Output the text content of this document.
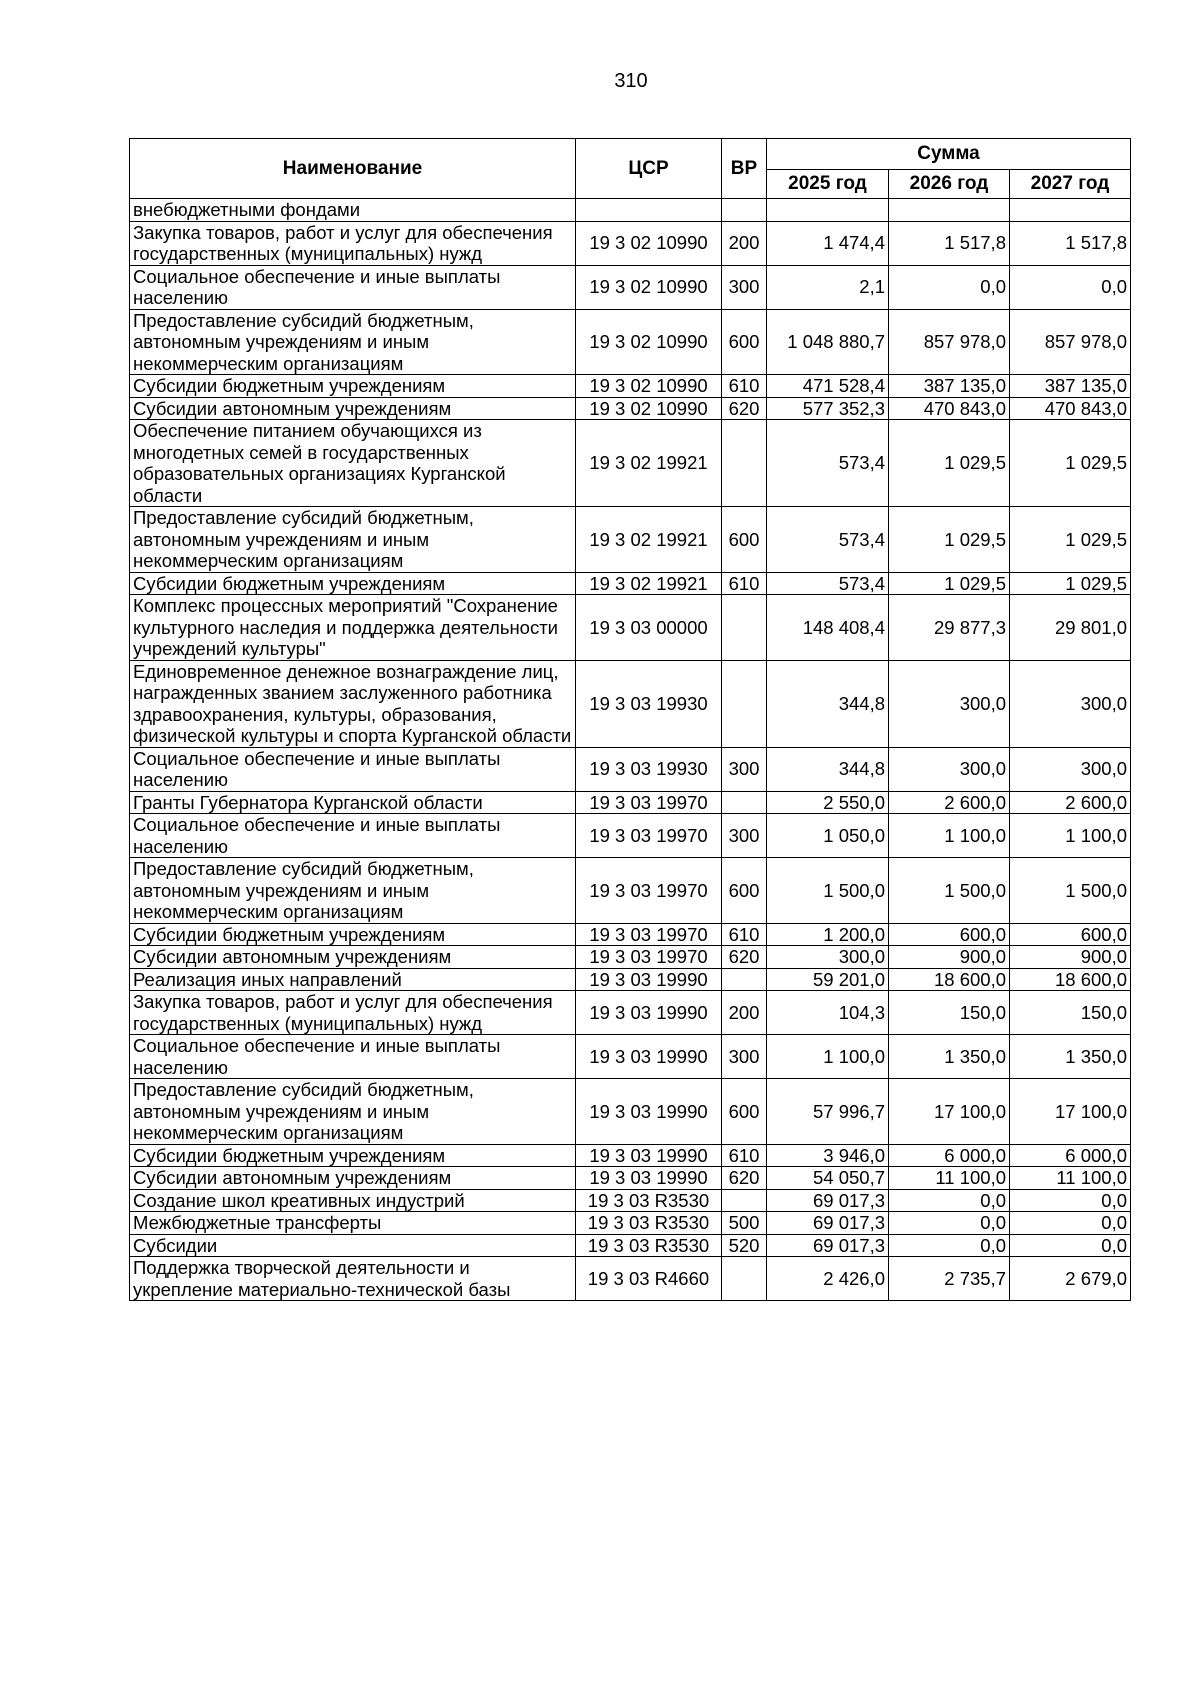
310
Наименование	ЦСР	ВР	Сумма		
			2025 год	2026 год	2027 год
внебюджетными фондами					
Закупка товаров, работ и услуг для обеспечения государственных (муниципальных) нужд	19 3 02 10990	200	1 474,4	1 517,8	1 517,8
Социальное обеспечение и иные выплаты населению	19 3 02 10990	300	2,1	0,0	0,0
Предоставление субсидий бюджетным, автономным учреждениям и иным некоммерческим организациям	19 3 02 10990	600	1 048 880,7	857 978,0	857 978,0
Субсидии бюджетным учреждениям	19 3 02 10990	610	471 528,4	387 135,0	387 135,0
Субсидии автономным учреждениям	19 3 02 10990	620	577 352,3	470 843,0	470 843,0
Обеспечение питанием обучающихся из многодетных семей в государственных образовательных организациях Курганской области	19 3 02 19921		573,4	1 029,5	1 029,5
Предоставление субсидий бюджетным, автономным учреждениям и иным некоммерческим организациям	19 3 02 19921	600	573,4	1 029,5	1 029,5
Субсидии бюджетным учреждениям	19 3 02 19921	610	573,4	1 029,5	1 029,5
Комплекс процессных мероприятий "Сохранение культурного наследия и поддержка деятельности учреждений культуры"	19 3 03 00000		148 408,4	29 877,3	29 801,0
Единовременное денежное вознаграждение лиц, награжденных званием заслуженного работника здравоохранения, культуры, образования, физической культуры и спорта Курганской области	19 3 03 19930		344,8	300,0	300,0
Социальное обеспечение и иные выплаты населению	19 3 03 19930	300	344,8	300,0	300,0
Гранты Губернатора Курганской области	19 3 03 19970		2 550,0	2 600,0	2 600,0
Социальное обеспечение и иные выплаты населению	19 3 03 19970	300	1 050,0	1 100,0	1 100,0
Предоставление субсидий бюджетным, автономным учреждениям и иным некоммерческим организациям	19 3 03 19970	600	1 500,0	1 500,0	1 500,0
Субсидии бюджетным учреждениям	19 3 03 19970	610	1 200,0	600,0	600,0
Субсидии автономным учреждениям	19 3 03 19970	620	300,0	900,0	900,0
Реализация иных направлений	19 3 03 19990		59 201,0	18 600,0	18 600,0
Закупка товаров, работ и услуг для обеспечения государственных (муниципальных) нужд	19 3 03 19990	200	104,3	150,0	150,0
Социальное обеспечение и иные выплаты населению	19 3 03 19990	300	1 100,0	1 350,0	1 350,0
Предоставление субсидий бюджетным, автономным учреждениям и иным некоммерческим организациям	19 3 03 19990	600	57 996,7	17 100,0	17 100,0
Субсидии бюджетным учреждениям	19 3 03 19990	610	3 946,0	6 000,0	6 000,0
Субсидии автономным учреждениям	19 3 03 19990	620	54 050,7	11 100,0	11 100,0
Создание школ креативных индустрий	19 3 03 R3530		69 017,3	0,0	0,0
Межбюджетные трансферты	19 3 03 R3530	500	69 017,3	0,0	0,0
Субсидии	19 3 03 R3530	520	69 017,3	0,0	0,0
Поддержка творческой деятельности и укрепление материально-технической базы	19 3 03 R4660		2 426,0	2 735,7	2 679,0
